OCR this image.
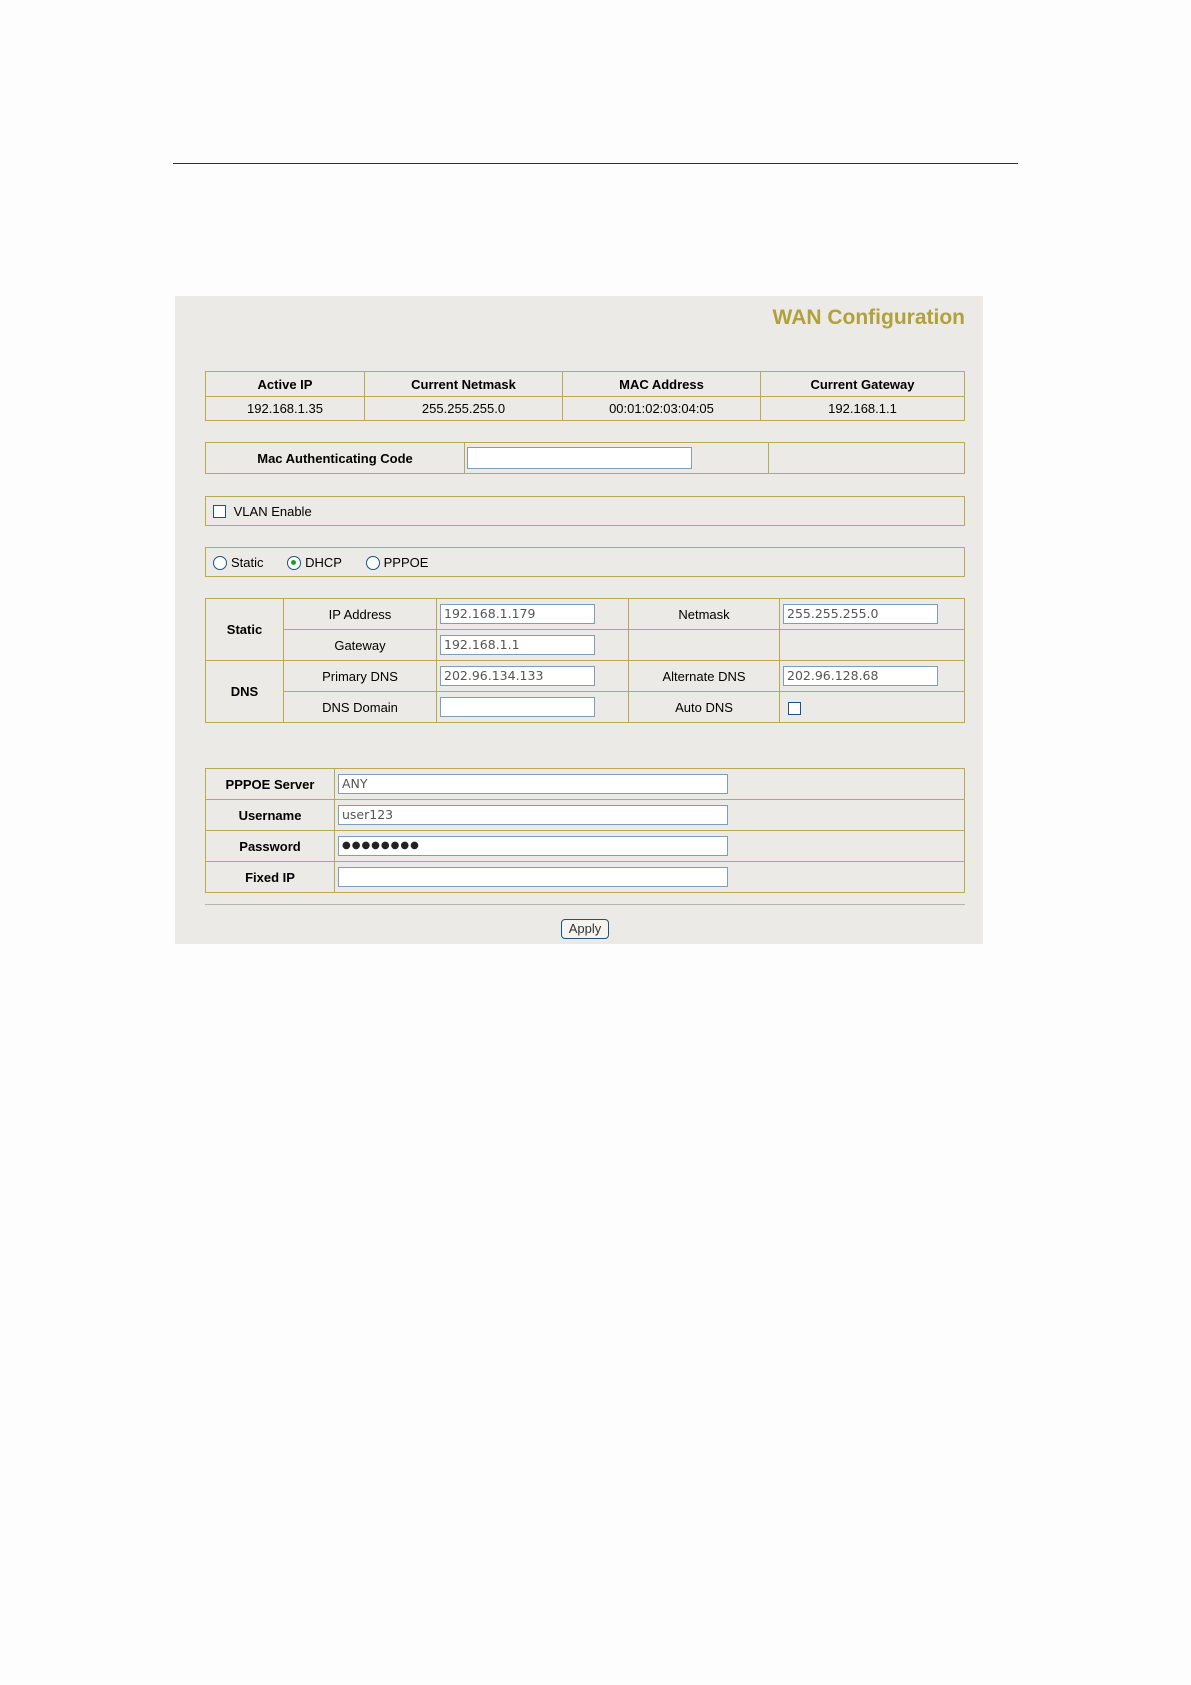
WAN Configuration
Active IP	Current Netmask	MAC Address	Current Gateway
192.168.1.35	255.255.255.0	00:01:02:03:04:05	192.168.1.1
Mac Authenticating Code	

VLAN Enable
Static	DHCP	PPPOE
Static	IP Address	192.168.1.179	Netmask	255.255.255.0

	Gateway	192.168.1.1		

DNS	Primary DNS	202.96.134.133	Alternate DNS	202.96.128.68

	DNS Domain		Auto DNS	
PPPOE Server	ANY

Username	user123

Password	●●●●●●●●

Fixed IP	
Apply
